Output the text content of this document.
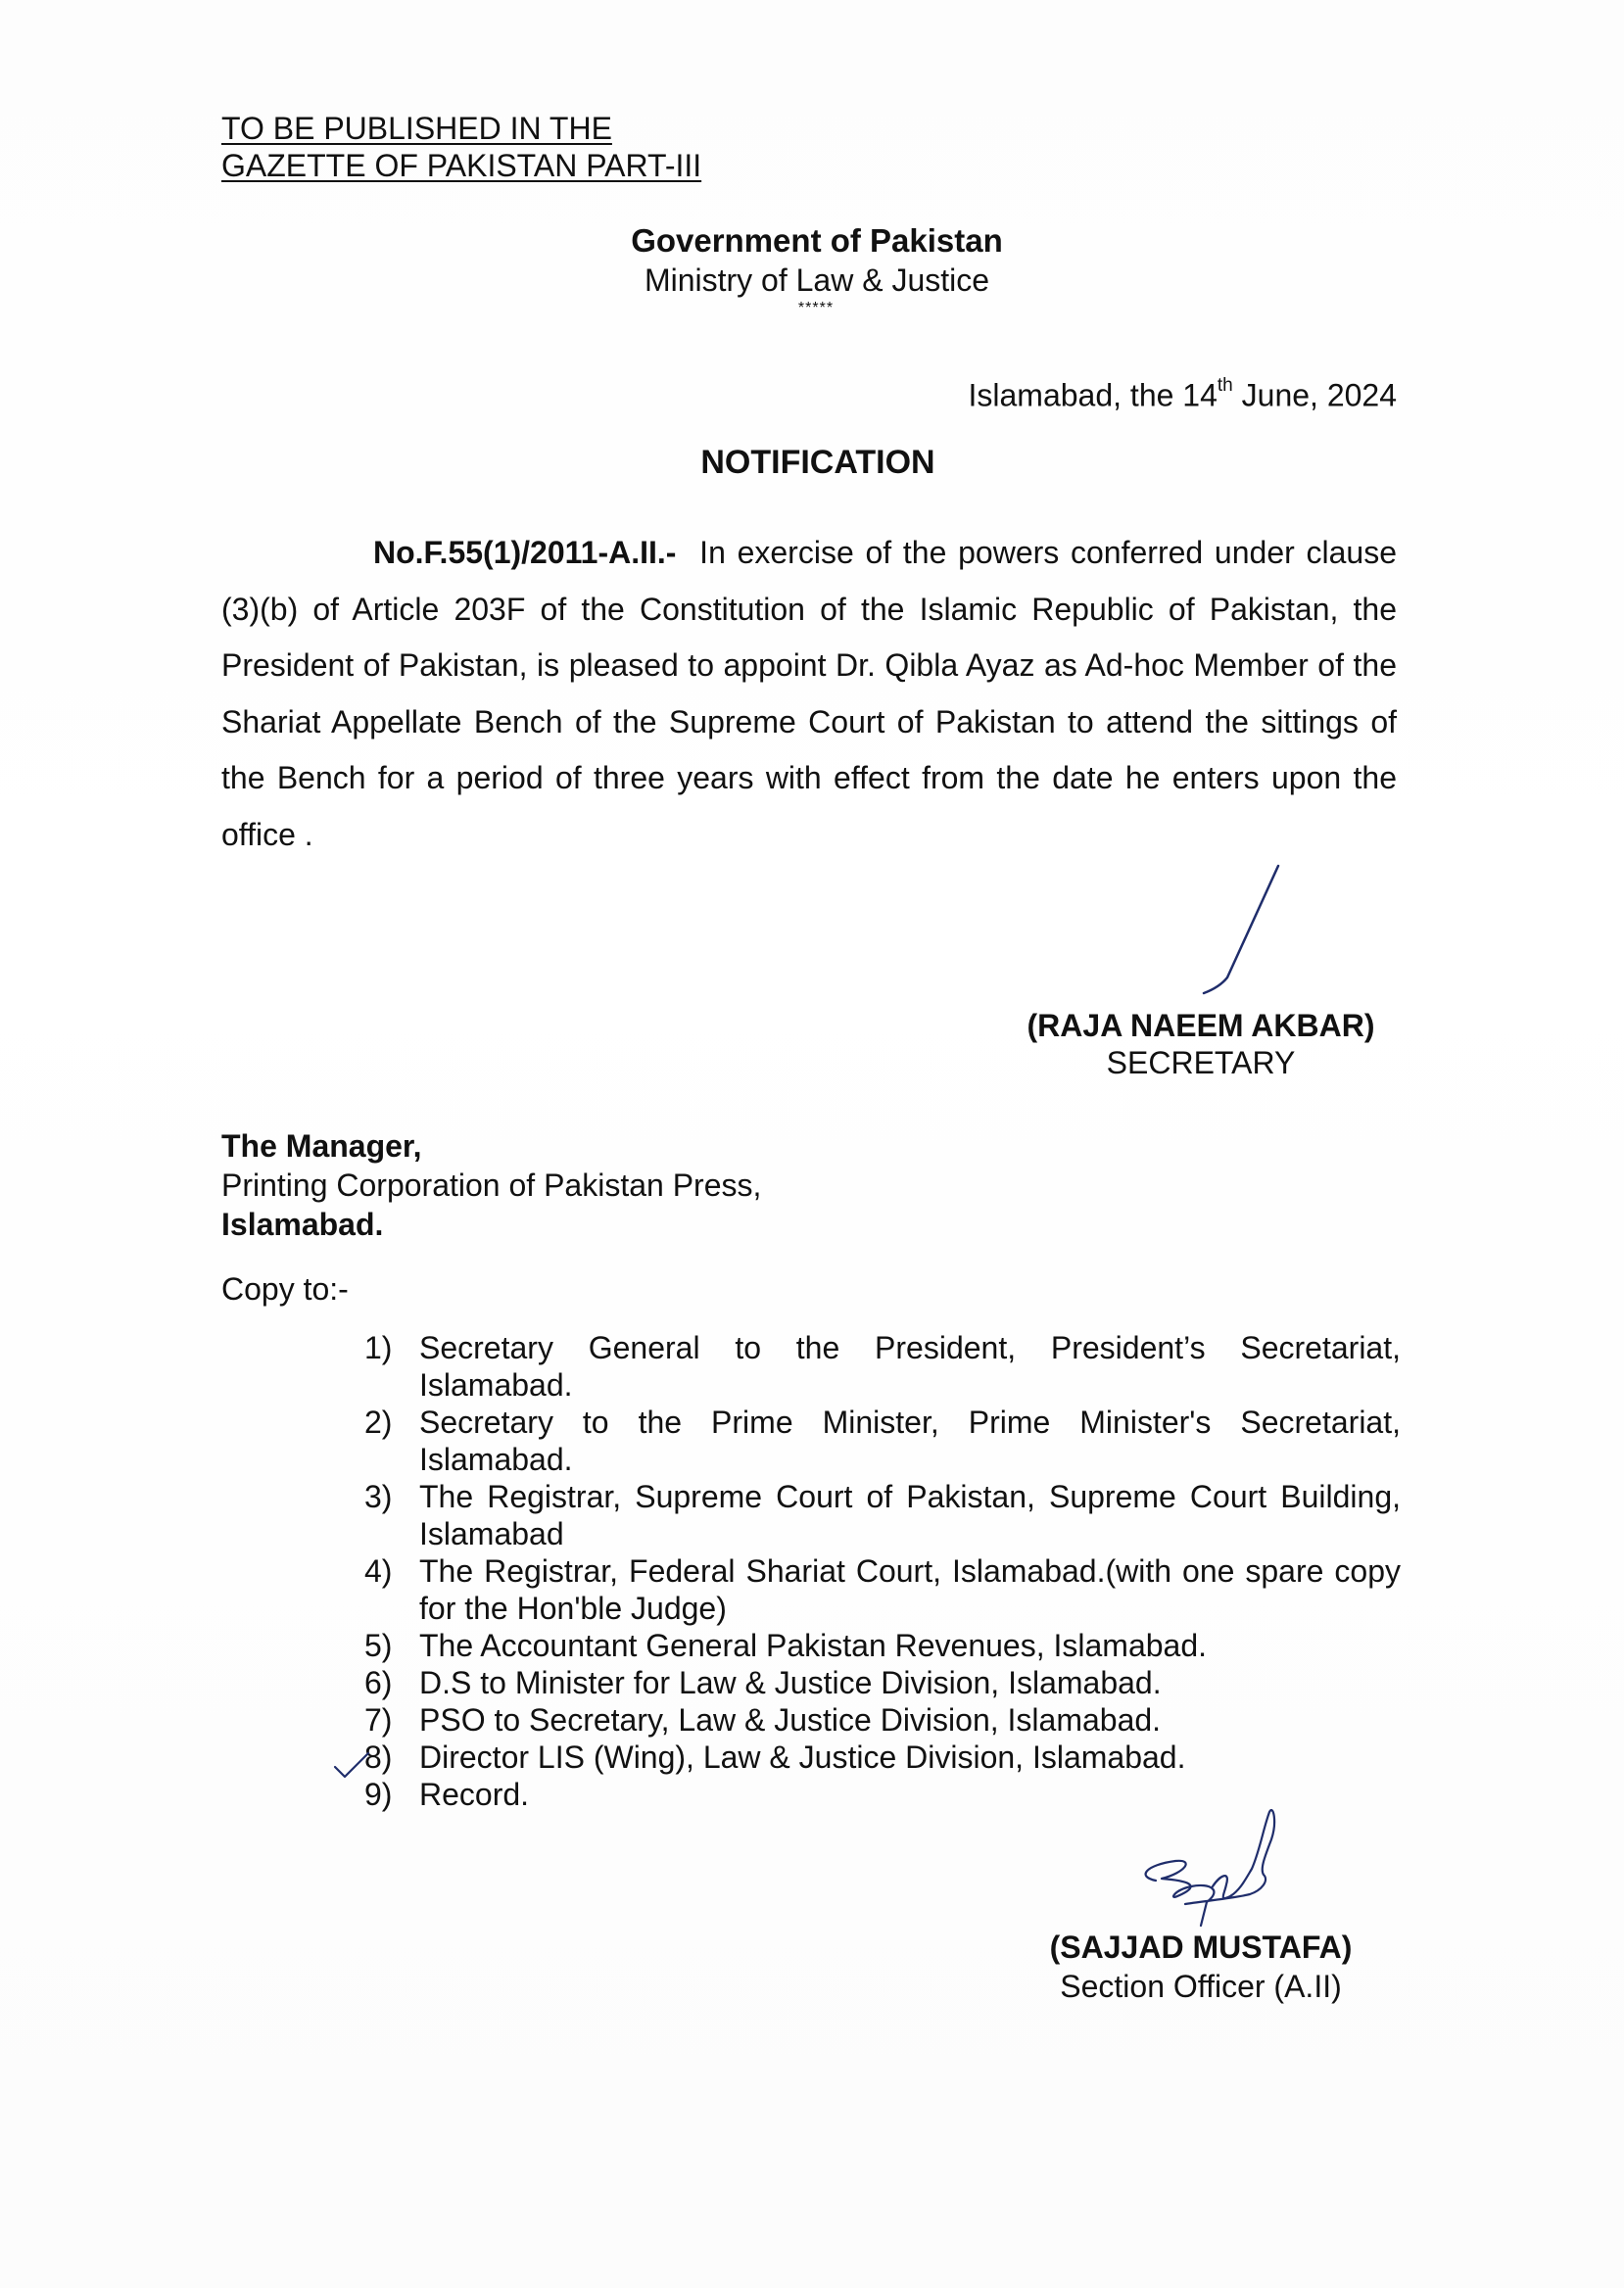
TO BE PUBLISHED IN THE
GAZETTE OF PAKISTAN PART-III
Government of Pakistan
Ministry of Law & Justice
*****
Islamabad, the 14th June, 2024
NOTIFICATION
No.F.55(1)/2011-A.II.- In exercise of the powers conferred under clause (3)(b) of Article 203F of the Constitution of the Islamic Republic of Pakistan, the President of Pakistan, is pleased to appoint Dr. Qibla Ayaz as Ad-hoc Member of the Shariat Appellate Bench of the Supreme Court of Pakistan to attend the sittings of the Bench for a period of three years with effect from the date he enters upon the office .
(RAJA NAEEM AKBAR)
SECRETARY
The Manager,
Printing Corporation of Pakistan Press,
Islamabad.
Copy to:-
1) Secretary General to the President, President’s Secretariat, Islamabad.
2) Secretary to the Prime Minister, Prime Minister's Secretariat, Islamabad.
3) The Registrar, Supreme Court of Pakistan, Supreme Court Building, Islamabad
4) The Registrar, Federal Shariat Court, Islamabad.(with one spare copy for the Hon'ble Judge)
5) The Accountant General Pakistan Revenues, Islamabad.
6) D.S to Minister for Law & Justice Division, Islamabad.
7) PSO to Secretary, Law & Justice Division, Islamabad.
8) Director LIS (Wing), Law & Justice Division, Islamabad.
9) Record.
(SAJJAD MUSTAFA)
Section Officer (A.II)
